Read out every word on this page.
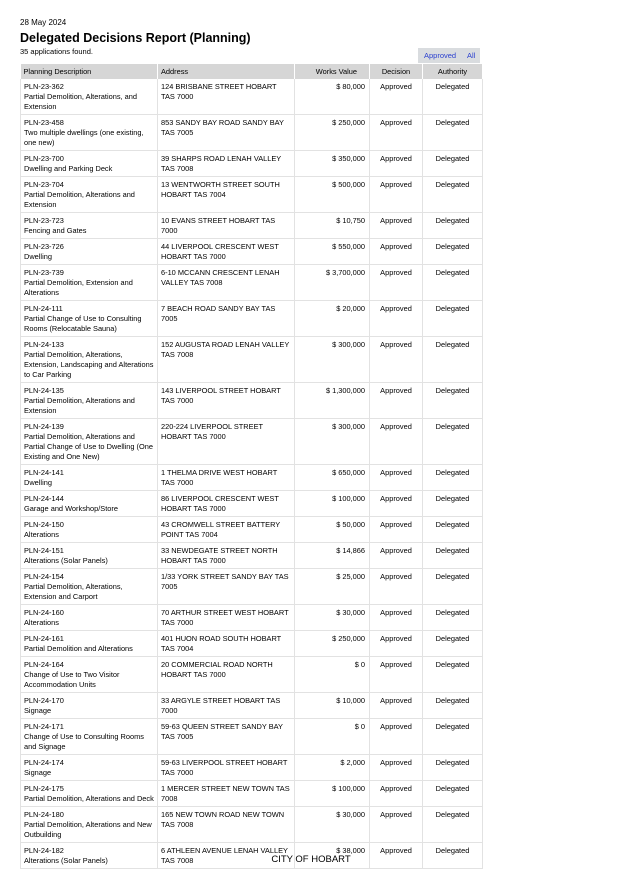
28 May 2024
Delegated Decisions Report (Planning)
35 applications found.	Approved All
Planning Description	Address	Works Value	Decision	Authority

PLN-23-362
Partial Demolition, Alterations, and Extension	124 BRISBANE STREET HOBART TAS 7000	$ 80,000	Approved	Delegated

PLN-23-458
Two multiple dwellings (one existing, one new)	853 SANDY BAY ROAD SANDY BAY TAS 7005	$ 250,000	Approved	Delegated

PLN-23-700
Dwelling and Parking Deck	39 SHARPS ROAD LENAH VALLEY TAS 7008	$ 350,000	Approved	Delegated

PLN-23-704
Partial Demolition, Alterations and Extension	13 WENTWORTH STREET SOUTH HOBART TAS 7004	$ 500,000	Approved	Delegated

PLN-23-723
Fencing and Gates	10 EVANS STREET HOBART TAS 7000	$ 10,750	Approved	Delegated

PLN-23-726
Dwelling	44 LIVERPOOL CRESCENT WEST HOBART TAS 7000	$ 550,000	Approved	Delegated

PLN-23-739
Partial Demolition, Extension and Alterations	6-10 MCCANN CRESCENT LENAH VALLEY TAS 7008	$ 3,700,000	Approved	Delegated

PLN-24-111
Partial Change of Use to Consulting Rooms (Relocatable Sauna)	7 BEACH ROAD SANDY BAY TAS 7005	$ 20,000	Approved	Delegated

PLN-24-133
Partial Demolition, Alterations, Extension, Landscaping and Alterations to Car Parking	152 AUGUSTA ROAD LENAH VALLEY TAS 7008	$ 300,000	Approved	Delegated

PLN-24-135
Partial Demolition, Alterations and Extension	143 LIVERPOOL STREET HOBART TAS 7000	$ 1,300,000	Approved	Delegated

PLN-24-139
Partial Demolition, Alterations and Partial Change of Use to Dwelling (One Existing and One New)	220-224 LIVERPOOL STREET HOBART TAS 7000	$ 300,000	Approved	Delegated

PLN-24-141
Dwelling	1 THELMA DRIVE WEST HOBART TAS 7000	$ 650,000	Approved	Delegated

PLN-24-144
Garage and Workshop/Store	86 LIVERPOOL CRESCENT WEST HOBART TAS 7000	$ 100,000	Approved	Delegated

PLN-24-150
Alterations	43 CROMWELL STREET BATTERY POINT TAS 7004	$ 50,000	Approved	Delegated

PLN-24-151
Alterations (Solar Panels)	33 NEWDEGATE STREET NORTH HOBART TAS 7000	$ 14,866	Approved	Delegated

PLN-24-154
Partial Demolition, Alterations, Extension and Carport	1/33 YORK STREET SANDY BAY TAS 7005	$ 25,000	Approved	Delegated

PLN-24-160
Alterations	70 ARTHUR STREET WEST HOBART TAS 7000	$ 30,000	Approved	Delegated

PLN-24-161
Partial Demolition and Alterations	401 HUON ROAD SOUTH HOBART TAS 7004	$ 250,000	Approved	Delegated

PLN-24-164
Change of Use to Two Visitor Accommodation Units	20 COMMERCIAL ROAD NORTH HOBART TAS 7000	$ 0	Approved	Delegated

PLN-24-170
Signage	33 ARGYLE STREET HOBART TAS 7000	$ 10,000	Approved	Delegated

PLN-24-171
Change of Use to Consulting Rooms and Signage	59-63 QUEEN STREET SANDY BAY TAS 7005	$ 0	Approved	Delegated

PLN-24-174
Signage	59-63 LIVERPOOL STREET HOBART TAS 7000	$ 2,000	Approved	Delegated

PLN-24-175
Partial Demolition, Alterations and Deck	1 MERCER STREET NEW TOWN TAS 7008	$ 100,000	Approved	Delegated

PLN-24-180
Partial Demolition, Alterations and New Outbuilding	165 NEW TOWN ROAD NEW TOWN TAS 7008	$ 30,000	Approved	Delegated

PLN-24-182
Alterations (Solar Panels)	6 ATHLEEN AVENUE LENAH VALLEY TAS 7008	$ 38,000	Approved	Delegated
CITY OF HOBART
